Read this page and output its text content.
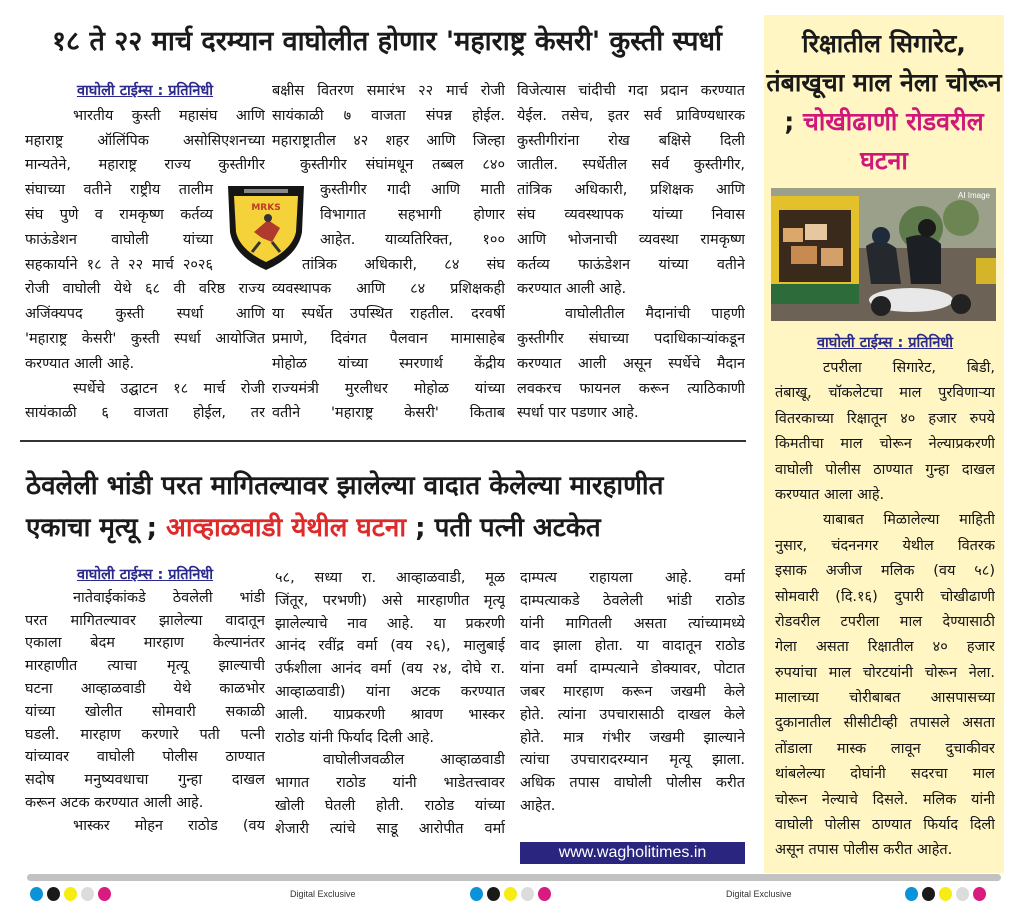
१८ ते २२ मार्च दरम्यान वाघोलीत होणार 'महाराष्ट्र केसरी' कुस्ती स्पर्धा
वाघोली टाईम्स : प्रतिनिधी
भारतीय कुस्ती महासंघ आणि
महाराष्ट्र ऑलिंपिक असोसिएशनच्या
मान्यतेने, महाराष्ट्र राज्य कुस्तीगीर
संघाच्या वतीने राष्ट्रीय तालीम
संघ पुणे व रामकृष्ण कर्तव्य
फाऊंडेशन वाघोली यांच्या
सहकार्याने १८ ते २२ मार्च २०२६
रोजी वाघोली येथे ६८ वी वरिष्ठ राज्य
अजिंक्यपद कुस्ती स्पर्धा आणि
'महाराष्ट्र केसरी' कुस्ती स्पर्धा आयोजित
करण्यात आली आहे.
स्पर्धेचे उद्घाटन १८ मार्च रोजी
सायंकाळी ६ वाजता होईल, तर
बक्षीस वितरण समारंभ २२ मार्च रोजी
सायंकाळी ७ वाजता संपन्न होईल.
महाराष्ट्रातील ४२ शहर आणि जिल्हा
कुस्तीगीर संघांमधून तब्बल ८४०
कुस्तीगीर गादी आणि माती
विभागात सहभागी होणार
आहेत. याव्यतिरिक्त, १००
तांत्रिक अधिकारी, ८४ संघ
व्यवस्थापक आणि ८४ प्रशिक्षकही
या स्पर्धेत उपस्थित राहतील. दरवर्षी
प्रमाणे, दिवंगत पैलवान मामासाहेब
मोहोळ यांच्या स्मरणार्थ केंद्रीय
राज्यमंत्री मुरलीधर मोहोळ यांच्या
वतीने 'महाराष्ट्र केसरी' किताब
विजेत्यास चांदीची गदा प्रदान करण्यात
येईल. तसेच, इतर सर्व प्राविण्यधारक
कुस्तीगीरांना रोख बक्षिसे दिली
जातील. स्पर्धेतील सर्व कुस्तीगीर,
तांत्रिक अधिकारी, प्रशिक्षक आणि
संघ व्यवस्थापक यांच्या निवास
आणि भोजनाची व्यवस्था रामकृष्ण
कर्तव्य फाऊंडेशन यांच्या वतीने
करण्यात आली आहे.
वाघोलीतील मैदानांची पाहणी
कुस्तीगीर संघाच्या पदाधिकाऱ्यांकडून
करण्यात आली असून स्पर्धेचे मैदान
लवकरच फायनल करून त्याठिकाणी
स्पर्धा पार पडणार आहे.
MRKS
ठेवलेली भांडी परत मागितल्यावर झालेल्या वादात केलेल्या मारहाणीत
एकाचा मृत्यू ; आव्हाळवाडी येथील घटना ; पती पत्नी अटकेत
वाघोली टाईम्स : प्रतिनिधी
नातेवाईकांकडे ठेवलेली भांडी
परत मागितल्यावर झालेल्या वादातून
एकाला बेदम मारहाण केल्यानंतर
मारहाणीत त्याचा मृत्यू झाल्याची
घटना आव्हाळवाडी येथे काळभोर
यांच्या खोलीत सोमवारी सकाळी
घडली. मारहाण करणारे पती पत्नी
यांच्यावर वाघोली पोलीस ठाण्यात
सदोष मनुष्यवधाचा गुन्हा दाखल
करून अटक करण्यात आली आहे.
भास्कर मोहन राठोड (वय
५८, सध्या रा. आव्हाळवाडी, मूळ
जिंतूर, परभणी) असे मारहाणीत मृत्यू
झालेल्याचे नाव आहे. या प्रकरणी
आनंद रवींद्र वर्मा (वय २६), मालुबाई
उर्फशीला आनंद वर्मा (वय २४, दोघे रा.
आव्हाळवाडी) यांना अटक करण्यात
आली. याप्रकरणी श्रावण भास्कर
राठोड यांनी फिर्याद दिली आहे.
वाघोलीजवळील आव्हाळवाडी
भागात राठोड यांनी भाडेतत्त्वावर
खोली घेतली होती. राठोड यांच्या
शेजारी त्यांचे साडू आरोपीत वर्मा
दाम्पत्य राहायला आहे. वर्मा
दाम्पत्याकडे ठेवलेली भांडी राठोड
यांनी मागितली असता त्यांच्यामध्ये
वाद झाला होता. या वादातून राठोड
यांना वर्मा दाम्पत्याने डोक्यावर, पोटात
जबर मारहाण करून जखमी केले
होते. त्यांना उपचारासाठी दाखल केले
होते. मात्र गंभीर जखमी झाल्याने
त्यांचा उपचारादरम्यान मृत्यू झाला.
अधिक तपास वाघोली पोलीस करीत
आहेत.
www.wagholitimes.in
रिक्षातील सिगारेट, तंबाखूचा माल नेला चोरून ; चोखीढाणी रोडवरील घटना
AI Image
वाघोली टाईम्स : प्रतिनिधी
टपरीला सिगारेट, बिडी,
तंबाखू, चॉकलेटचा माल पुरविणाऱ्या
वितरकाच्या रिक्षातून ४० हजार रुपये
किमतीचा माल चोरून नेल्याप्रकरणी
वाघोली पोलीस ठाण्यात गुन्हा दाखल
करण्यात आला आहे.
याबाबत मिळालेल्या माहिती
नुसार, चंदननगर येथील वितरक
इसाक अजीज मलिक (वय ५८)
सोमवारी (दि.१६) दुपारी चोखीढाणी
रोडवरील टपरीला माल देण्यासाठी
गेला असता रिक्षातील ४० हजार
रुपयांचा माल चोरटयांनी चोरून नेला.
मालाच्या चोरीबाबत आसपासच्या
दुकानातील सीसीटीव्ही तपासले असता
तोंडाला मास्क लावून दुचाकीवर
थांबलेल्या दोघांनी सदरचा माल
चोरून नेल्याचे दिसले. मलिक यांनी
वाघोली पोलीस ठाण्यात फिर्याद दिली
असून तपास पोलीस करीत आहेत.
Digital Exclusive	Digital Exclusive
